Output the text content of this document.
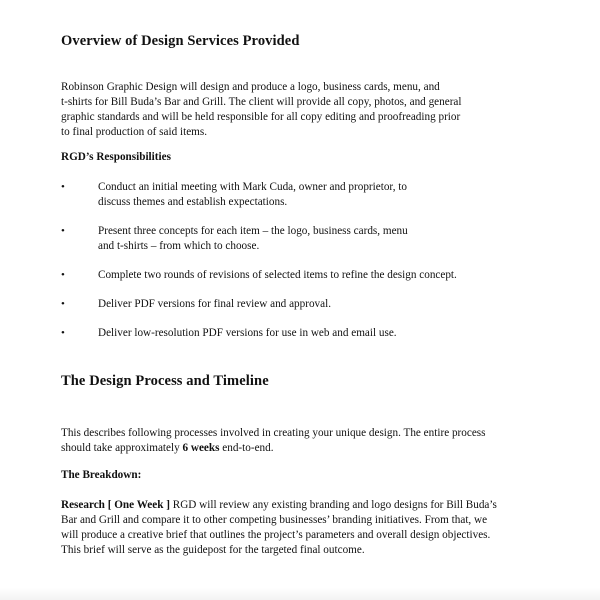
Overview of Design Services Provided
Robinson Graphic Design will design and produce a logo, business cards, menu, and
t-shirts for Bill Buda’s Bar and Grill. The client will provide all copy, photos, and general
graphic standards and will be held responsible for all copy editing and proofreading prior
to final production of said items.
RGD’s Responsibilities
•	Conduct an initial meeting with Mark Cuda, owner and proprietor, to
discuss themes and establish expectations.
•	Present three concepts for each item – the logo, business cards, menu
and t-shirts – from which to choose.
•	Complete two rounds of revisions of selected items to refine the design concept.
•	Deliver PDF versions for final review and approval.
•	Deliver low-resolution PDF versions for use in web and email use.
The Design Process and Timeline
This describes following processes involved in creating your unique design. The entire process
should take approximately 6 weeks end-to-end.
The Breakdown:
Research [ One Week ] RGD will review any existing branding and logo designs for Bill Buda’s
Bar and Grill and compare it to other competing businesses’ branding initiatives. From that, we
will produce a creative brief that outlines the project’s parameters and overall design objectives.
This brief will serve as the guidepost for the targeted final outcome.
